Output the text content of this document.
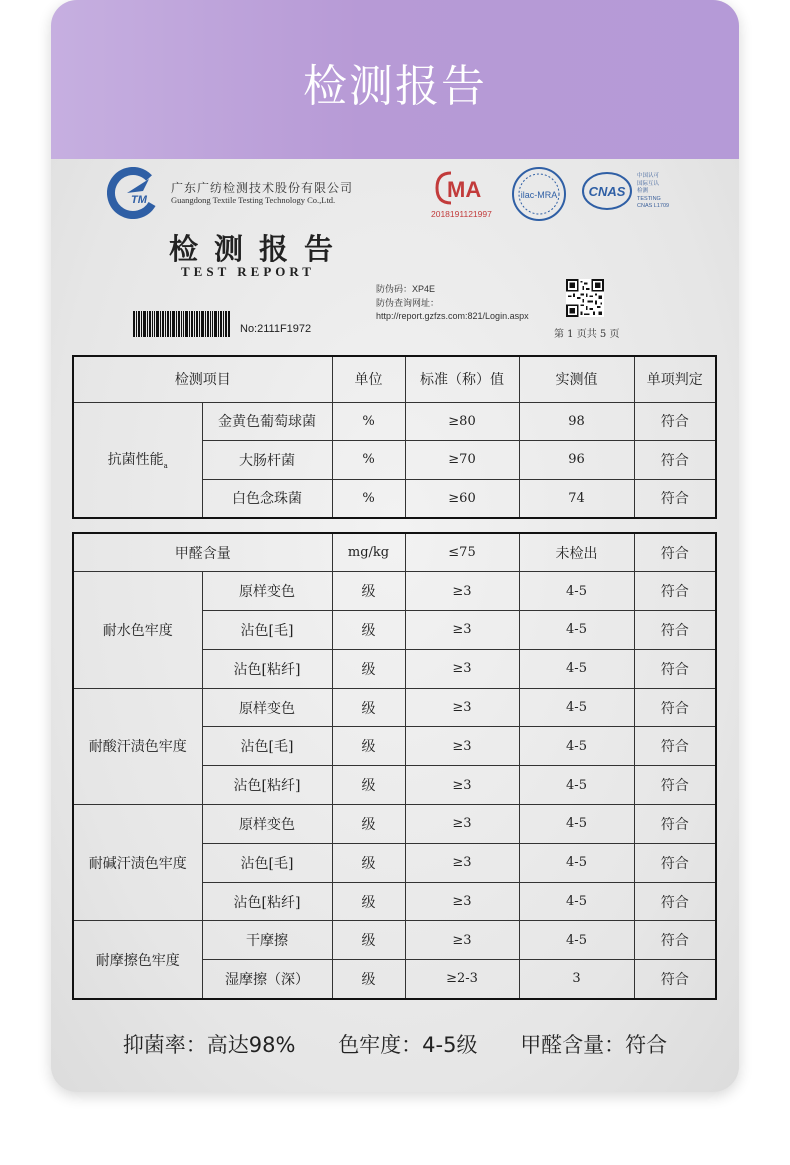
检测报告
TM
广东广纺检测技术股份有限公司
Guangdong Textile Testing Technology Co.,Ltd.	MA
2018191121997
ilac-MRA CNAS
中国认可
国际互认
检测
TESTING
CNAS L1709
检测报告
TEST REPORT
防伪码：XP4E
防伪查询网址：
http://report.gzfzs.com:821/Login.aspx
第 1 页共 5 页
No:2111F1972
检测项目		单位	标准（称）值	实测值	单项判定
抗菌性能$_a$	金黄色葡萄球菌	%	≥80	98	符合
	大肠杆菌	%	≥70	96	符合
	白色念珠菌	%	≥60	74	符合
甲醛含量		mg/kg	≤75	未检出	符合
耐水色牢度	原样变色	级	≥3	4-5	符合
	沾色[毛]	级	≥3	4-5	符合
	沾色[粘纤]	级	≥3	4-5	符合
耐酸汗渍色牢度	原样变色	级	≥3	4-5	符合
	沾色[毛]	级	≥3	4-5	符合
	沾色[粘纤]	级	≥3	4-5	符合
耐碱汗渍色牢度	原样变色	级	≥3	4-5	符合
	沾色[毛]	级	≥3	4-5	符合
	沾色[粘纤]	级	≥3	4-5	符合
耐摩擦色牢度	干摩擦	级	≥3	4-5	符合
	湿摩擦（深）	级	≥2-3	3	符合
抑菌率：高达98% 色牢度：4-5级 甲醛含量：符合
